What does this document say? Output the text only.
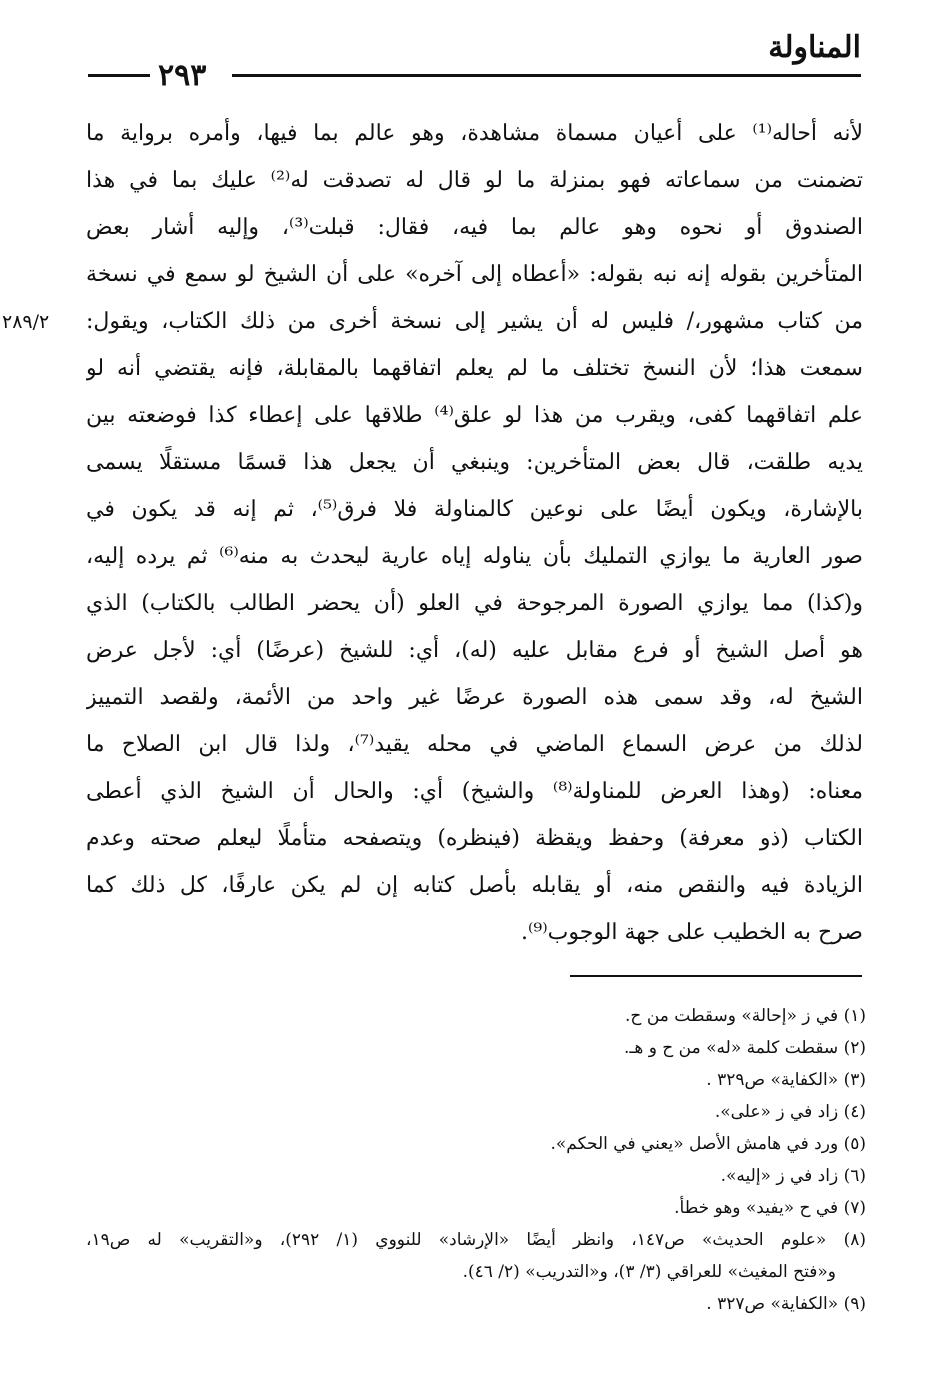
المناولة
٢٩٣
٢٨٩/٢
لأنه أحاله⁽¹⁾ على أعيان مسماة مشاهدة، وهو عالم بما فيها، وأمره برواية ما
تضمنت من سماعاته فهو بمنزلة ما لو قال له تصدقت له⁽²⁾ عليك بما في هذا
الصندوق أو نحوه وهو عالم بما فيه، فقال: قبلت⁽³⁾، وإليه أشار بعض
المتأخرين بقوله إنه نبه بقوله: «أعطاه إلى آخره» على أن الشيخ لو سمع في نسخة
من كتاب مشهور،/ فليس له أن يشير إلى نسخة أخرى من ذلك الكتاب، ويقول:
سمعت هذا؛ لأن النسخ تختلف ما لم يعلم اتفاقهما بالمقابلة، فإنه يقتضي أنه لو
علم اتفاقهما كفى، ويقرب من هذا لو علق⁽⁴⁾ طلاقها على إعطاء كذا فوضعته بين
يديه طلقت، قال بعض المتأخرين: وينبغي أن يجعل هذا قسمًا مستقلًا يسمى
بالإشارة، ويكون أيضًا على نوعين كالمناولة فلا فرق⁽⁵⁾، ثم إنه قد يكون في
صور العارية ما يوازي التمليك بأن يناوله إياه عارية ليحدث به منه⁽⁶⁾ ثم يرده إليه،
و(كذا) مما يوازي الصورة المرجوحة في العلو (أن يحضر الطالب بالكتاب) الذي
هو أصل الشيخ أو فرع مقابل عليه (له)، أي: للشيخ (عرضًا) أي: لأجل عرض
الشيخ له، وقد سمى هذه الصورة عرضًا غير واحد من الأئمة، ولقصد التمييز
لذلك من عرض السماع الماضي في محله يقيد⁽⁷⁾، ولذا قال ابن الصلاح ما
معناه: (وهذا العرض للمناولة⁽⁸⁾ والشيخ) أي: والحال أن الشيخ الذي أعطى
الكتاب (ذو معرفة) وحفظ ويقظة (فينظره) ويتصفحه متأملًا ليعلم صحته وعدم
الزيادة فيه والنقص منه، أو يقابله بأصل كتابه إن لم يكن عارفًا، كل ذلك كما
صرح به الخطيب على جهة الوجوب⁽⁹⁾.
(١) في ز «إحالة» وسقطت من ح.
(٢) سقطت كلمة «له» من ح و هـ.
(٣) «الكفاية» ص٣٢٩ .
(٤) زاد في ز «على».
(٥) ورد في هامش الأصل «يعني في الحكم».
(٦) زاد في ز «إليه».
(٧) في ح «يفيد» وهو خطأ.
(٨) «علوم الحديث» ص١٤٧، وانظر أيضًا «الإرشاد» للنووي (١/ ٢٩٢)، و«التقريب» له ص١٩،
و«فتح المغيث» للعراقي (٣/ ٣)، و«التدريب» (٢/ ٤٦).
(٩) «الكفاية» ص٣٢٧ .
